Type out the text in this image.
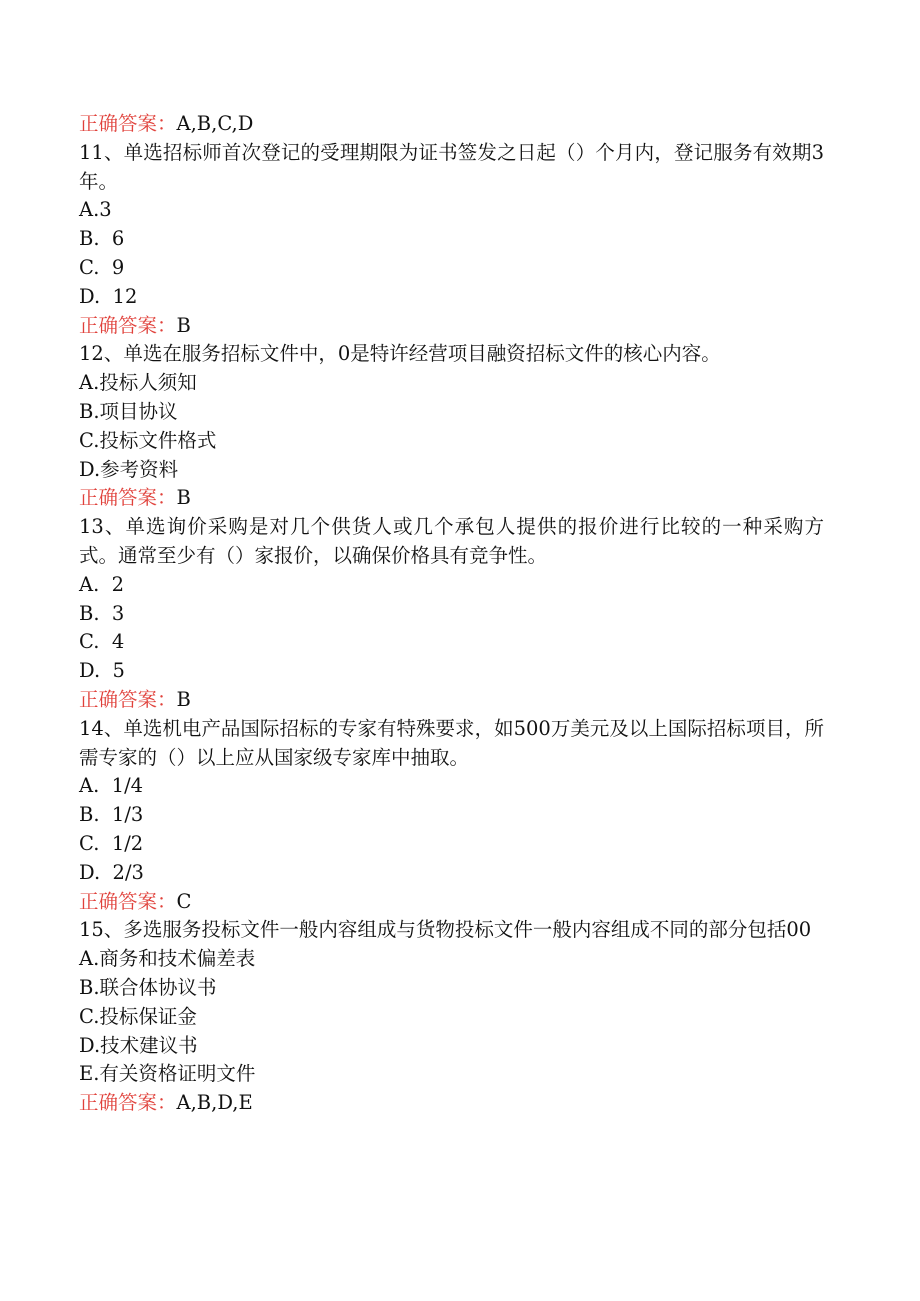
正确答案：A,B,C,D
11、单选招标师首次登记的受理期限为证书签发之日起（）个月内，登记服务有效期3年。
A.3
B.  6
C.  9
D.  12
正确答案：B
12、单选在服务招标文件中，0是特许经营项目融资招标文件的核心内容。
A.投标人须知
B.项目协议
C.投标文件格式
D.参考资料
正确答案：B
13、单选询价采购是对几个供货人或几个承包人提供的报价进行比较的一种采购方式。通常至少有（）家报价，以确保价格具有竞争性。
A.  2
B.  3
C.  4
D.  5
正确答案：B
14、单选机电产品国际招标的专家有特殊要求，如500万美元及以上国际招标项目，所需专家的（）以上应从国家级专家库中抽取。
A.  1/4
B.  1/3
C.  1/2
D.  2/3
正确答案：C
15、多选服务投标文件一般内容组成与货物投标文件一般内容组成不同的部分包括00
A.商务和技术偏差表
B.联合体协议书
C.投标保证金
D.技术建议书
E.有关资格证明文件
正确答案：A,B,D,E
